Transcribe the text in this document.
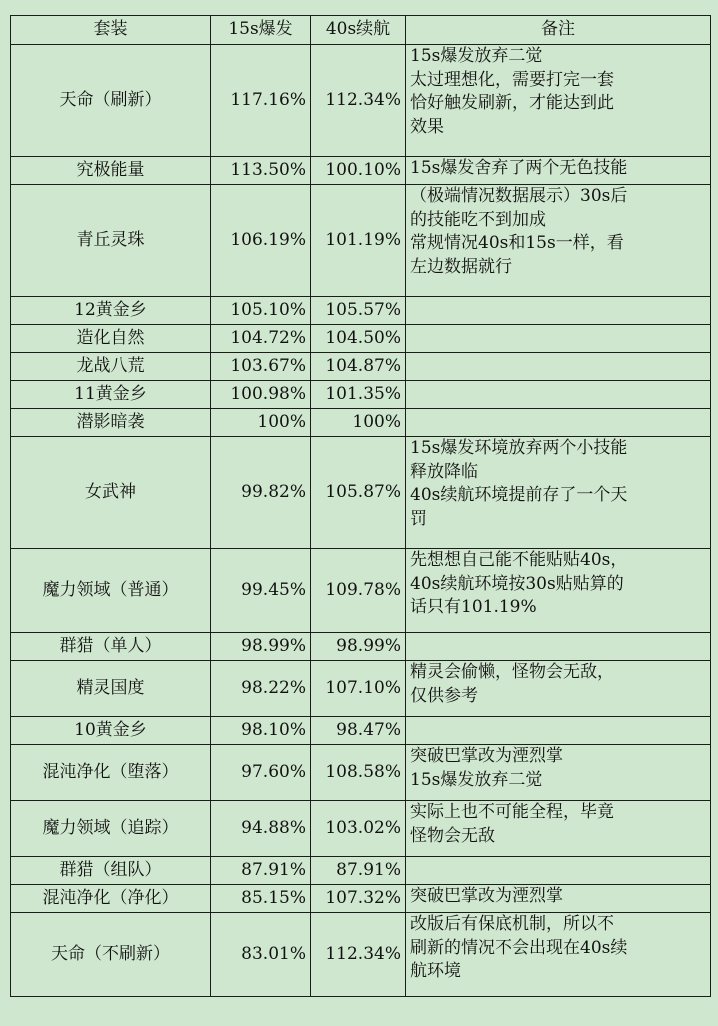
套装	15s爆发	40s续航	备注
天命（刷新）	117.16%	112.34%	15s爆发放弃二觉
太过理想化，需要打完一套
恰好触发刷新，才能达到此
效果
究极能量	113.50%	100.10%	15s爆发舍弃了两个无色技能
青丘灵珠	106.19%	101.19%	（极端情况数据展示）30s后
的技能吃不到加成
常规情况40s和15s一样，看
左边数据就行
12黄金乡	105.10%	105.57%	
造化自然	104.72%	104.50%	
龙战八荒	103.67%	104.87%	
11黄金乡	100.98%	101.35%	
潜影暗袭	100%	100%	
女武神	99.82%	105.87%	15s爆发环境放弃两个小技能
释放降临
40s续航环境提前存了一个天
罚
魔力领域（普通）	99.45%	109.78%	先想想自己能不能贴贴40s，
40s续航环境按30s贴贴算的
话只有101.19%
群猎（单人）	98.99%	98.99%	
精灵国度	98.22%	107.10%	精灵会偷懒，怪物会无敌，
仅供参考
10黄金乡	98.10%	98.47%	
混沌净化（堕落）	97.60%	108.58%	突破巴掌改为湮烈掌
15s爆发放弃二觉
魔力领域（追踪）	94.88%	103.02%	实际上也不可能全程，毕竟
怪物会无敌
群猎（组队）	87.91%	87.91%	
混沌净化（净化）	85.15%	107.32%	突破巴掌改为湮烈掌
天命（不刷新）	83.01%	112.34%	改版后有保底机制，所以不
刷新的情况不会出现在40s续
航环境
